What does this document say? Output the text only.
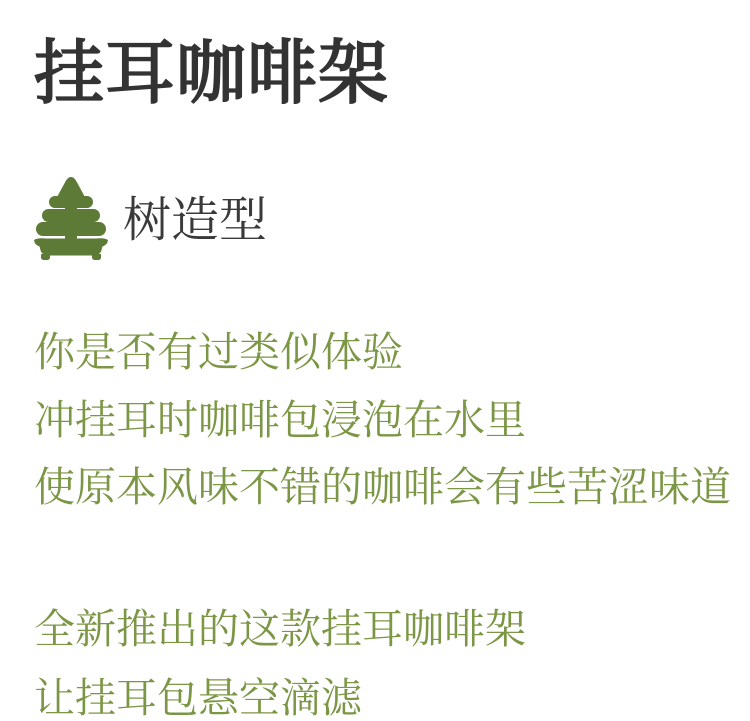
挂耳咖啡架
树造型

你是否有过类似体验

冲挂耳时咖啡包浸泡在水里

使原本风味不错的咖啡会有些苦涩味道

全新推出的这款挂耳咖啡架

让挂耳包悬空滴滤
